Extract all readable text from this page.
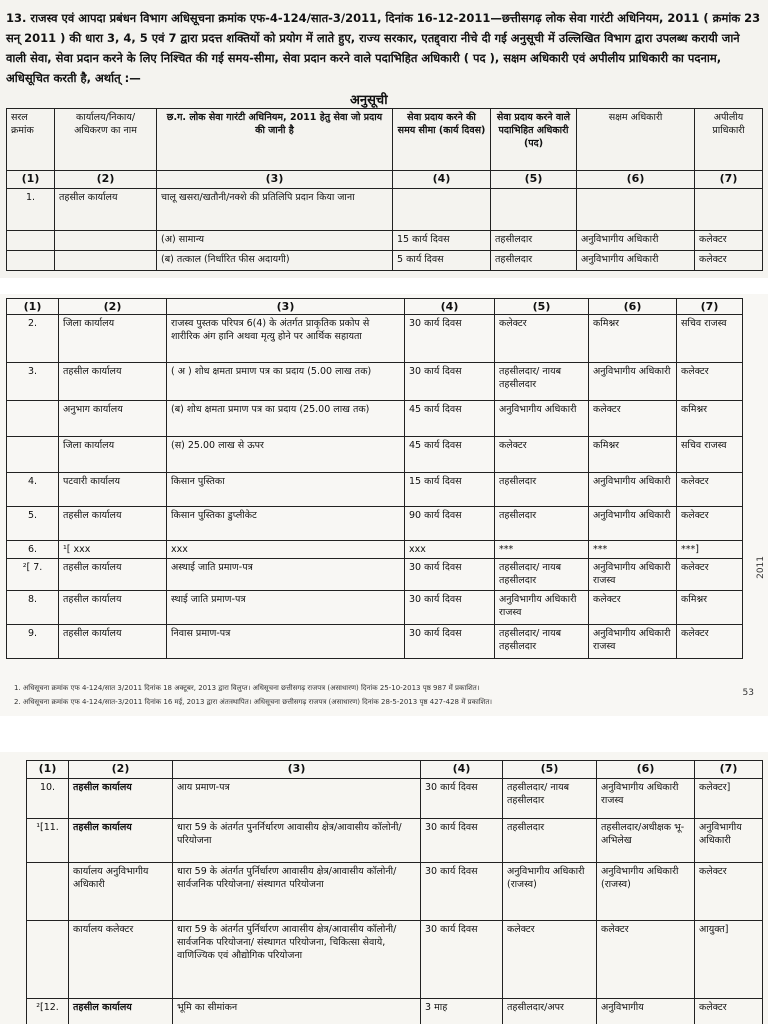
13. राजस्व एवं आपदा प्रबंधन विभाग अधिसूचना क्रमांक एफ-4-124/सात-3/2011, दिनांक 16-12-2011—छत्तीसगढ़ लोक सेवा गारंटी अधिनियम, 2011 ( क्रमांक 23 सन् 2011 ) की धारा 3, 4, 5 एवं 7 द्वारा प्रदत्त शक्तियों को प्रयोग में लाते हुए, राज्य सरकार, एतद्द्वारा नीचे दी गई अनुसूची में उल्लिखित विभाग द्वारा उपलब्ध करायी जाने वाली सेवा, सेवा प्रदान करने के लिए निश्चित की गई समय-सीमा, सेवा प्रदान करने वाले पदाभिहित अधिकारी ( पद ), सक्षम अधिकारी एवं अपीलीय प्राधिकारी का पदनाम, अधिसूचित करती है, अर्थात् :—

अनुसूची
सरल क्रमांक	कार्यालय/निकाय/ अधिकरण का नाम	छ.ग. लोक सेवा गारंटी अधिनियम, 2011 हेतु सेवा जो प्रदाय की जानी है	सेवा प्रदाय करने की समय सीमा (कार्य दिवस)	सेवा प्रदाय करने वाले पदाभिहित अधिकारी (पद)	सक्षम अधिकारी	अपीलीय प्राधिकारी
(1)	(2)	(3)	(4)	(5)	(6)	(7)
1.	तहसील कार्यालय	चालू खसरा/खतौनी/नक्शे की प्रतिलिपि प्रदान किया जाना				
		(अ) सामान्य	15 कार्य दिवस	तहसीलदार	अनुविभागीय अधिकारी	कलेक्टर
		(ब) तत्काल (निर्धारित फीस अदायगी)	5 कार्य दिवस	तहसीलदार	अनुविभागीय अधिकारी	कलेक्टर
(1)	(2)	(3)	(4)	(5)	(6)	(7)
2.	जिला कार्यालय	राजस्व पुस्तक परिपत्र 6(4) के अंतर्गत प्राकृतिक प्रकोप से शारीरिक अंग हानि अथवा मृत्यु होने पर आर्थिक सहायता	30 कार्य दिवस	कलेक्टर	कमिश्नर	सचिव राजस्व
3.	तहसील कार्यालय	( अ ) शोध क्षमता प्रमाण पत्र का प्रदाय (5.00 लाख तक)	30 कार्य दिवस	तहसीलदार/ नायब तहसीलदार	अनुविभागीय अधिकारी	कलेक्टर
	अनुभाग कार्यालय	(ब) शोध क्षमता प्रमाण पत्र का प्रदाय (25.00 लाख तक)	45 कार्य दिवस	अनुविभागीय अधिकारी	कलेक्टर	कमिश्नर
	जिला कार्यालय	(स) 25.00 लाख से ऊपर	45 कार्य दिवस	कलेक्टर	कमिश्नर	सचिव राजस्व
4.	पटवारी कार्यालय	किसान पुस्तिका	15 कार्य दिवस	तहसीलदार	अनुविभागीय अधिकारी	कलेक्टर
5.	तहसील कार्यालय	किसान पुस्तिका डुप्लीकेट	90 कार्य दिवस	तहसीलदार	अनुविभागीय अधिकारी	कलेक्टर
6.	¹[ xxx	xxx	xxx	***	***	***]
²[ 7.	तहसील कार्यालय	अस्थाई जाति प्रमाण-पत्र	30 कार्य दिवस	तहसीलदार/ नायब तहसीलदार	अनुविभागीय अधिकारी राजस्व	कलेक्टर
8.	तहसील कार्यालय	स्थाई जाति प्रमाण-पत्र	30 कार्य दिवस	अनुविभागीय अधिकारी राजस्व	कलेक्टर	कमिश्नर
9.	तहसील कार्यालय	निवास प्रमाण-पत्र	30 कार्य दिवस	तहसीलदार/ नायब तहसीलदार	अनुविभागीय अधिकारी राजस्व	कलेक्टर
1. अधिसूचना क्रमांक एफ 4-124/सात 3/2011 दिनांक 18 अक्टूबर, 2013 द्वारा विलुप्त। अधिसूचना छत्तीसगढ़ राजपत्र (असाधारण) दिनांक 25-10-2013 पृष्ठ 987 में प्रकाशित।
2. अधिसूचना क्रमांक एफ 4-124/सात-3/2011 दिनांक 16 मई, 2013 द्वारा अंतःस्थापित। अधिसूचना छत्तीसगढ़ राजपत्र (असाधारण) दिनांक 28-5-2013 पृष्ठ 427-428 में प्रकाशित।
53
2011
(1)	(2)	(3)	(4)	(5)	(6)	(7)
10.	तहसील कार्यालय	आय प्रमाण-पत्र	30 कार्य दिवस	तहसीलदार/ नायब तहसीलदार	अनुविभागीय अधिकारी राजस्व	कलेक्टर]
¹[11.	तहसील कार्यालय	धारा 59 के अंतर्गत पुनर्निर्धारण आवासीय क्षेत्र/आवासीय कॉलोनी/परियोजना	30 कार्य दिवस	तहसीलदार	तहसीलदार/अधीक्षक भू-अभिलेख	अनुविभागीय अधिकारी
	कार्यालय अनुविभागीय अधिकारी	धारा 59 के अंतर्गत पुर्निर्धारण आवासीय क्षेत्र/आवासीय कॉलोनी/सार्वजनिक परियोजना/ संस्थागत परियोजना	30 कार्य दिवस	अनुविभागीय अधिकारी (राजस्व)	अनुविभागीय अधिकारी (राजस्व)	कलेक्टर
	कार्यालय कलेक्टर	धारा 59 के अंतर्गत पुर्निर्धारण आवासीय क्षेत्र/आवासीय कॉलोनी/सार्वजनिक परियोजना/ संस्थागत परियोजना, चिकित्सा सेवाये, वाणिज्यिक एवं औद्योगिक परियोजना	30 कार्य दिवस	कलेक्टर	कलेक्टर	आयुक्त]
²[12.	तहसील कार्यालय	भूमि का सीमांकन	3 माह	तहसीलदार/अपर	अनुविभागीय	कलेक्टर
